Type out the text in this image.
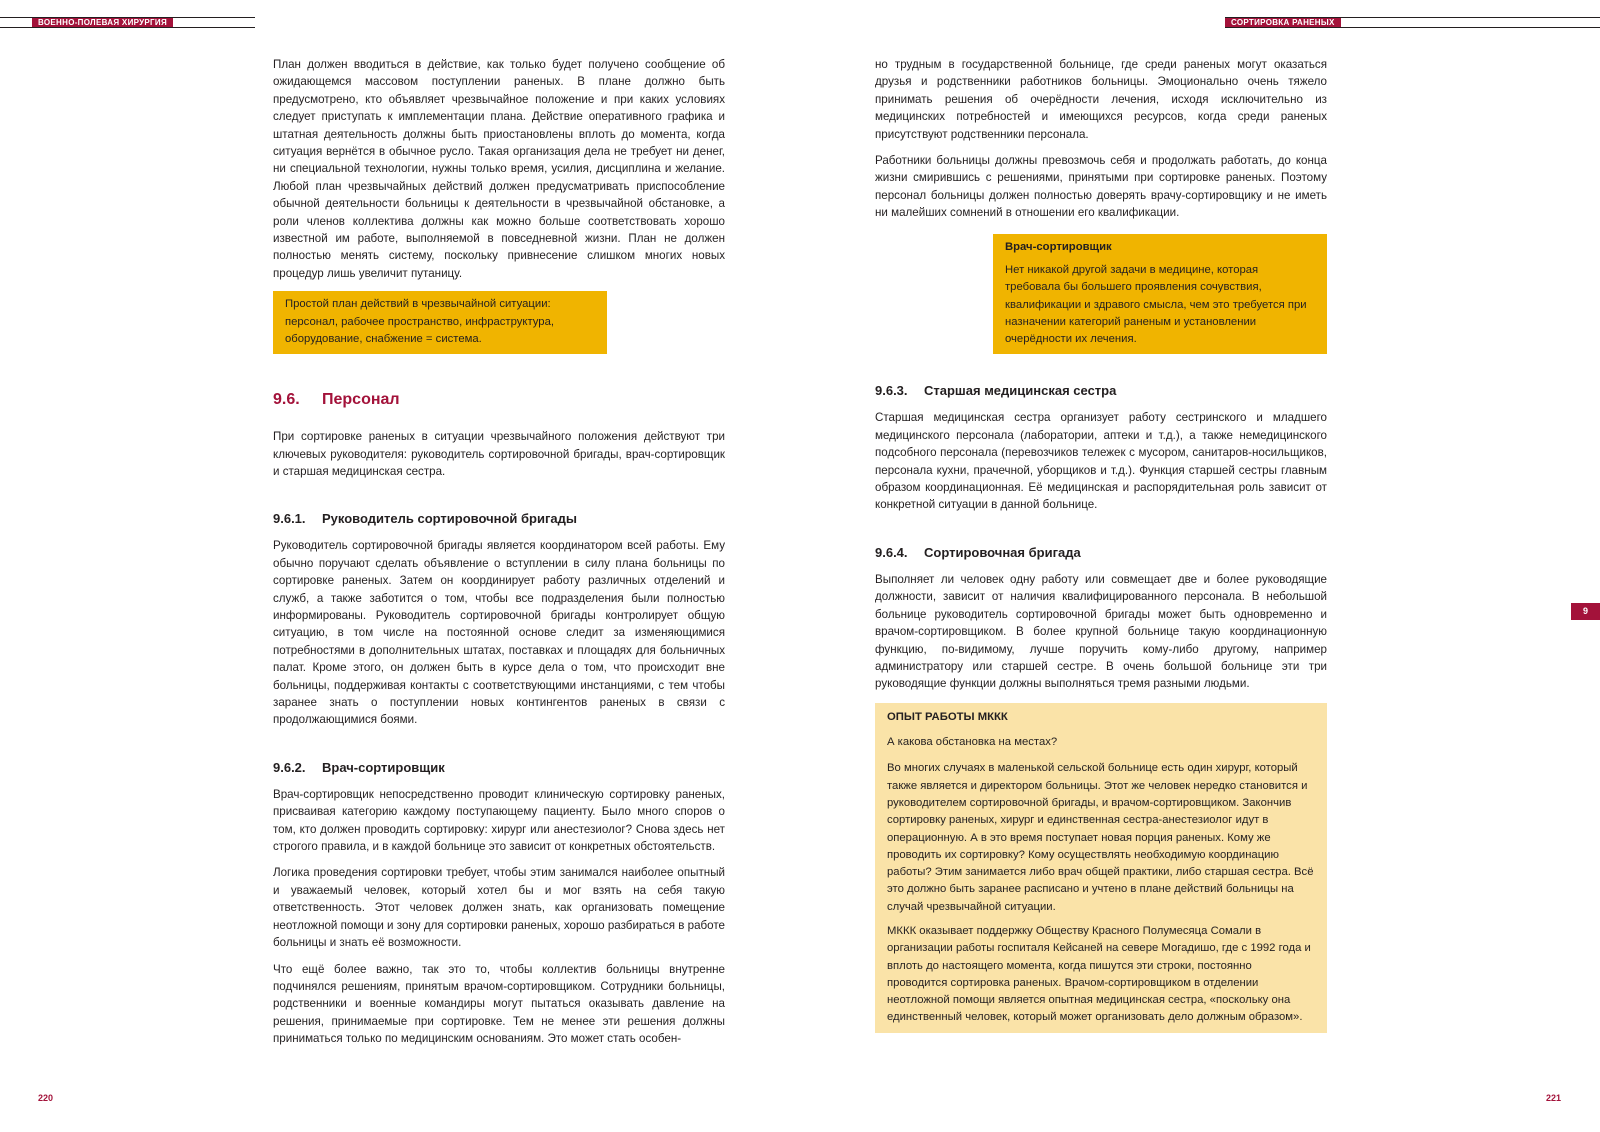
ВОЕННО-ПОЛЕВАЯ ХИРУРГИЯ	СОРТИРОВКА РАНЕНЫХ

План должен вводиться в действие, как только будет получено сообщение об ожидающемся массовом поступлении раненых. В плане должно быть предусмотрено, кто объявляет чрезвычайное положение и при каких условиях следует приступать к имплементации плана. Действие оперативного графика и штатная деятельность должны быть приостановлены вплоть до момента, когда ситуация вернётся в обычное русло. Такая организация дела не требует ни денег, ни специальной технологии, нужны только время, усилия, дисциплина и желание. Любой план чрезвычайных действий должен предусматривать приспособление обычной деятельности больницы к деятельности в чрезвычайной обстановке, а роли членов коллектива должны как можно больше соответствовать хорошо известной им работе, выполняемой в повседневной жизни. План не должен полностью менять систему, поскольку привнесение слишком многих новых процедур лишь увеличит путаницу.

Простой план действий в чрезвычайной ситуации: персонал, рабочее пространство, инфраструктура, оборудование, снабжение = система.
9.6. Персонал

При сортировке раненых в ситуации чрезвычайного положения действуют три ключевых руководителя: руководитель сортировочной бригады, врач-сортировщик и старшая медицинская сестра.

9.6.1. Руководитель сортировочной бригады

Руководитель сортировочной бригады является координатором всей работы. Ему обычно поручают сделать объявление о вступлении в силу плана больницы по сортировке раненых. Затем он координирует работу различных отделений и служб, а также заботится о том, чтобы все подразделения были полностью информированы. Руководитель сортировочной бригады контролирует общую ситуацию, в том числе на постоянной основе следит за изменяющимися потребностями в дополнительных штатах, поставках и площадях для больничных палат. Кроме этого, он должен быть в курсе дела о том, что происходит вне больницы, поддерживая контакты с соответствующими инстанциями, с тем чтобы заранее знать о поступлении новых контингентов раненых в связи с продолжающимися боями.

9.6.2. Врач-сортировщик

Врач-сортировщик непосредственно проводит клиническую сортировку раненых, присваивая категорию каждому поступающему пациенту. Было много споров о том, кто должен проводить сортировку: хирург или анестезиолог? Снова здесь нет строгого правила, и в каждой больнице это зависит от конкретных обстоятельств.

Логика проведения сортировки требует, чтобы этим занимался наиболее опытный и уважаемый человек, который хотел бы и мог взять на себя такую ответственность. Этот человек должен знать, как организовать помещение неотложной помощи и зону для сортировки раненых, хорошо разбираться в работе больницы и знать её возможности.

Что ещё более важно, так это то, чтобы коллектив больницы внутренне подчинялся решениям, принятым врачом-сортировщиком. Сотрудники больницы, родственники и военные командиры могут пытаться оказывать давление на решения, принимаемые при сортировке. Тем не менее эти решения должны приниматься только по медицинским основаниям. Это может стать особен-

но трудным в государственной больнице, где среди раненых могут оказаться друзья и родственники работников больницы. Эмоционально очень тяжело принимать решения об очерёдности лечения, исходя исключительно из медицинских потребностей и имеющихся ресурсов, когда среди раненых присутствуют родственники персонала.

Работники больницы должны превозмочь себя и продолжать работать, до конца жизни смирившись с решениями, принятыми при сортировке раненых. Поэтому персонал больницы должен полностью доверять врачу-сортировщику и не иметь ни малейших сомнений в отношении его квалификации.

Врач-сортировщик
Нет никакой другой задачи в медицине, которая требовала бы большего проявления сочувствия, квалификации и здравого смысла, чем это требуется при назначении категорий раненым и установлении очерёдности их лечения.
9.6.3. Старшая медицинская сестра

Старшая медицинская сестра организует работу сестринского и младшего медицинского персонала (лаборатории, аптеки и т.д.), а также немедицинского подсобного персонала (перевозчиков тележек с мусором, санитаров-носильщиков, персонала кухни, прачечной, уборщиков и т.д.). Функция старшей сестры главным образом координационная. Её медицинская и распорядительная роль зависит от конкретной ситуации в данной больнице.

9.6.4. Сортировочная бригада

Выполняет ли человек одну работу или совмещает две и более руководящие должности, зависит от наличия квалифицированного персонала. В небольшой больнице руководитель сортировочной бригады может быть одновременно и врачом-сортировщиком. В более крупной больнице такую координационную функцию, по-видимому, лучше поручить кому-либо другому, например администратору или старшей сестре. В очень большой больнице эти три руководящие функции должны выполняться тремя разными людьми.

ОПЫТ РАБОТЫ МККК

А какова обстановка на местах?

Во многих случаях в маленькой сельской больнице есть один хирург, который также является и директором больницы. Этот же человек нередко становится и руководителем сортировочной бригады, и врачом-сортировщиком. Закончив сортировку раненых, хирург и единственная сестра-анестезиолог идут в операционную. А в это время поступает новая порция раненых. Кому же проводить их сортировку? Кому осуществлять необходимую координацию работы? Этим занимается либо врач общей практики, либо старшая сестра. Всё это должно быть заранее расписано и учтено в плане действий больницы на случай чрезвычайной ситуации.

МККК оказывает поддержку Обществу Красного Полумесяца Сомали в организации работы госпиталя Кейсаней на севере Могадишо, где с 1992 года и вплоть до настоящего момента, когда пишутся эти строки, постоянно проводится сортировка раненых. Врачом-сортировщиком в отделении неотложной помощи является опытная медицинская сестра, «поскольку она единственный человек, который может организовать дело должным образом».

9
220	221
